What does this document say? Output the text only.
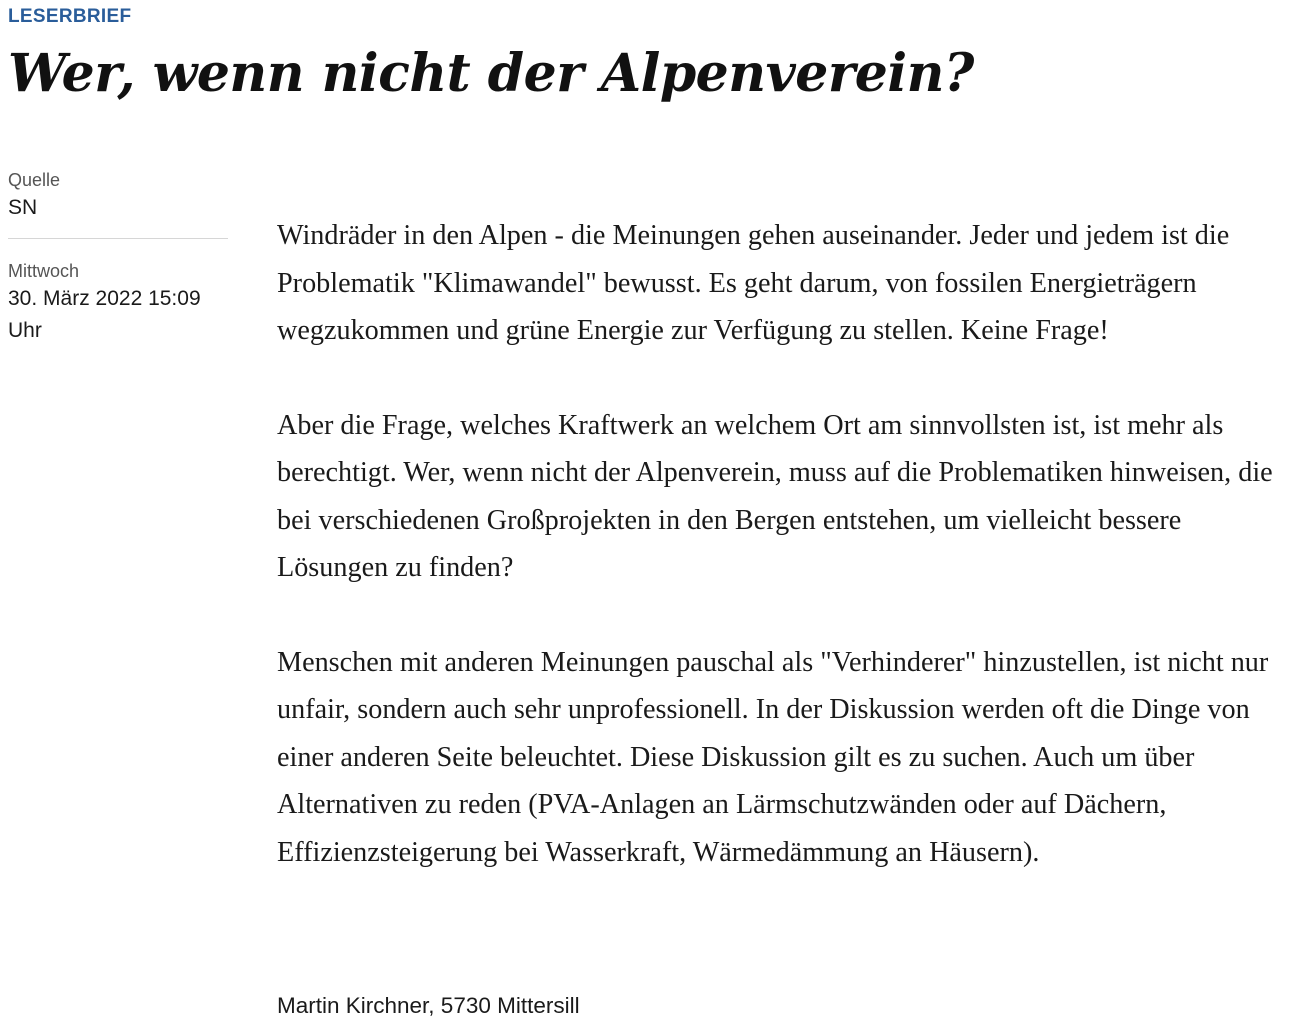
LESERBRIEF
Wer, wenn nicht der Alpenverein?
Quelle
SN
Mittwoch
30. März 2022 15:09 Uhr

Windräder in den Alpen - die Meinungen gehen auseinander. Jeder und jedem ist die Problematik "Klimawandel" bewusst. Es geht darum, von fossilen Energieträgern wegzukommen und grüne Energie zur Verfügung zu stellen. Keine Frage!

Aber die Frage, welches Kraftwerk an welchem Ort am sinnvollsten ist, ist mehr als berechtigt. Wer, wenn nicht der Alpenverein, muss auf die Problematiken hinweisen, die bei verschiedenen Großprojekten in den Bergen entstehen, um vielleicht bessere Lösungen zu finden?

Menschen mit anderen Meinungen pauschal als "Verhinderer" hinzustellen, ist nicht nur unfair, sondern auch sehr unprofessionell. In der Diskussion werden oft die Dinge von einer anderen Seite beleuchtet. Diese Diskussion gilt es zu suchen. Auch um über Alternativen zu reden (PVA-Anlagen an Lärmschutzwänden oder auf Dächern, Effizienzsteigerung bei Wasserkraft, Wärmedämmung an Häusern).

Martin Kirchner, 5730 Mittersill
